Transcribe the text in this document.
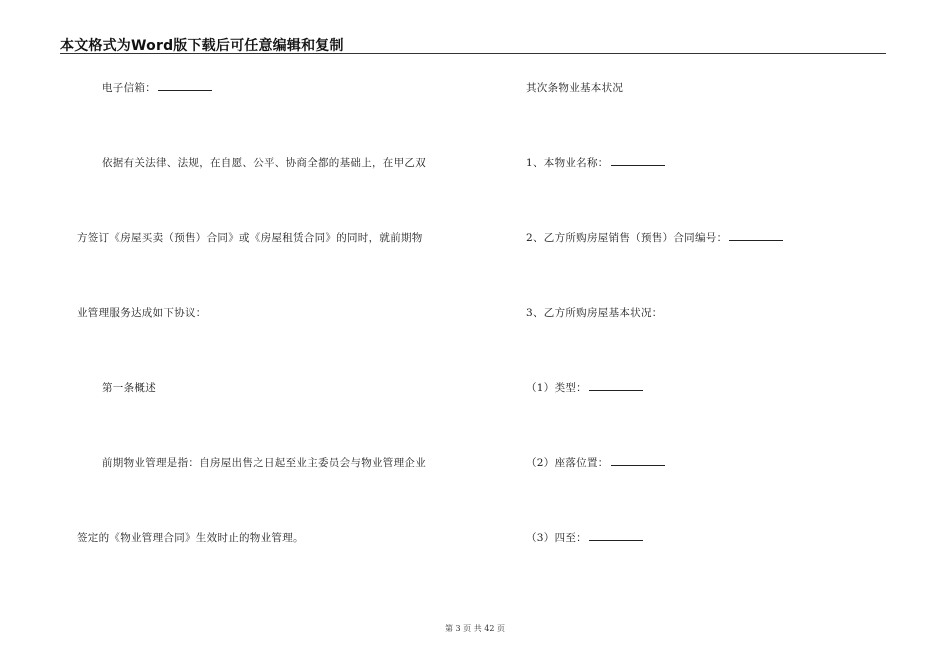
本文格式为Word版下载后可任意编辑和复制
电子信箱：
依据有关法律、法规，在自愿、公平、协商全都的基础上，在甲乙双
方签订《房屋买卖（预售）合同》或《房屋租赁合同》的同时，就前期物
业管理服务达成如下协议：
第一条概述
前期物业管理是指：自房屋出售之日起至业主委员会与物业管理企业
签定的《物业管理合同》生效时止的物业管理。
其次条物业基本状况
1、本物业名称：
2、乙方所购房屋销售（预售）合同编号：
3、乙方所购房屋基本状况：
（1）类型：
（2）座落位置：
（3）四至：
第 3 页 共 42 页
